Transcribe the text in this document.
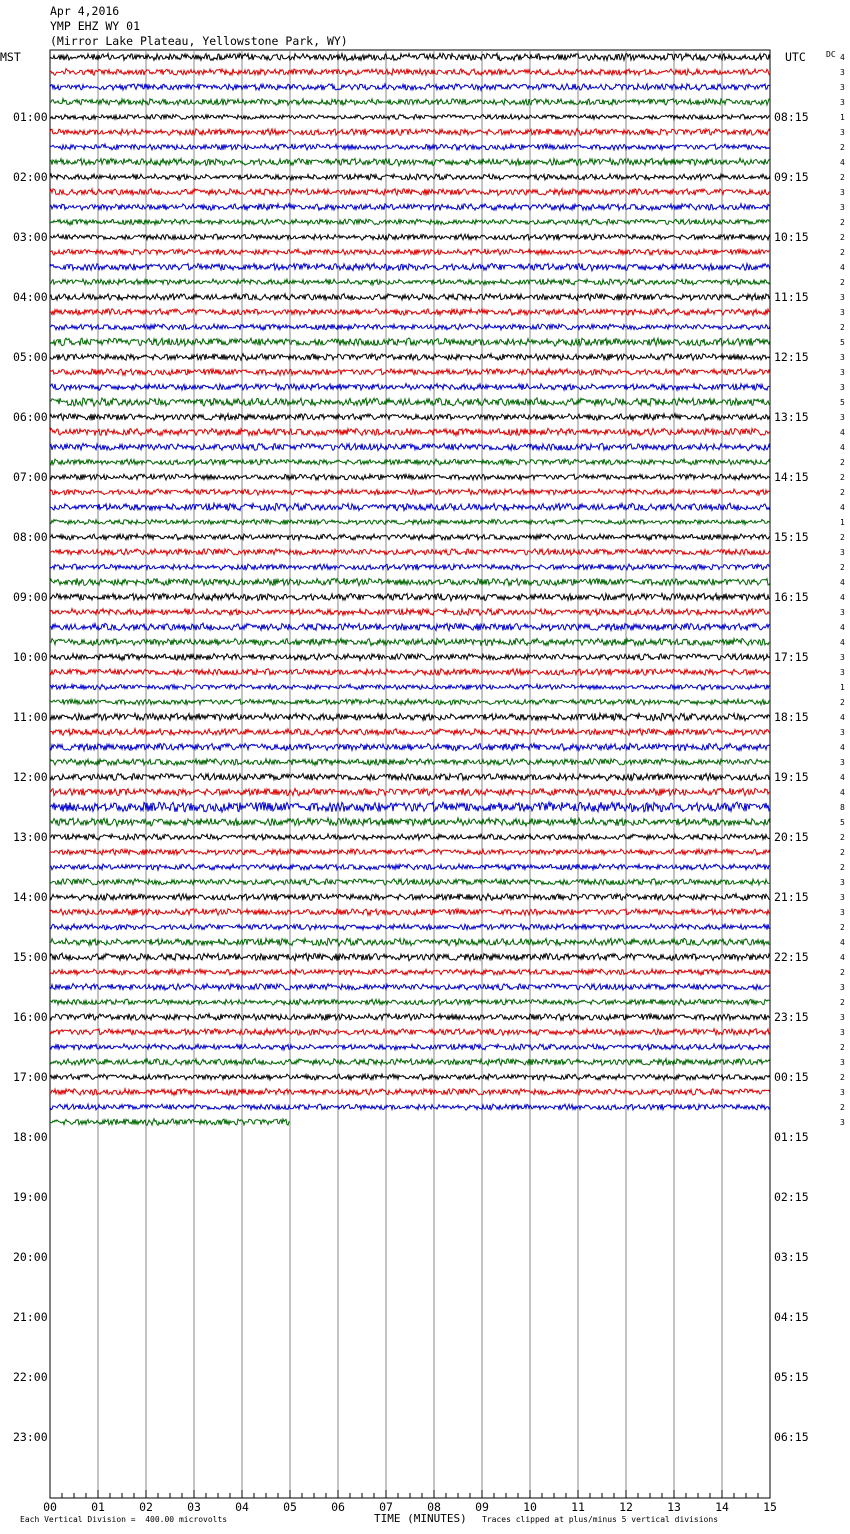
Apr 4,2016
YMP EHZ WY 01
(Mirror Lake Plateau, Yellowstone Park, WY)
MST	UTC	DC 4
3
3
3
1
3
2
4
2
3
3
2
2
2
4
2
3
3
2
5
3
3
3
5
3
4
4
2
2
2
4
1
2
3
2
4
4
3
4
4
3
3
1
2
4
3
4
3
4
4
8
5
2
2
2
3
3
3
2
4
4
2
3
2
3
3
2
3
2
3
2
3
01:00	08:15
02:00	09:15
03:00	10:15
04:00	11:15
05:00	12:15
06:00	13:15
07:00	14:15
08:00	15:15
09:00	16:15
10:00	17:15
11:00	18:15
12:00	19:15
13:00	20:15
14:00	21:15
15:00	22:15
16:00	23:15
17:00	00:15
18:00	01:15
19:00	02:15
20:00	03:15
21:00	04:15
22:00	05:15
23:00	06:15
00	01	02	03	04	05	06	07	08	09	10	11	12	13	14	15
Each Vertical Division =  400.00 microvolts	TIME (MINUTES) Traces clipped at plus/minus 5 vertical divisions
